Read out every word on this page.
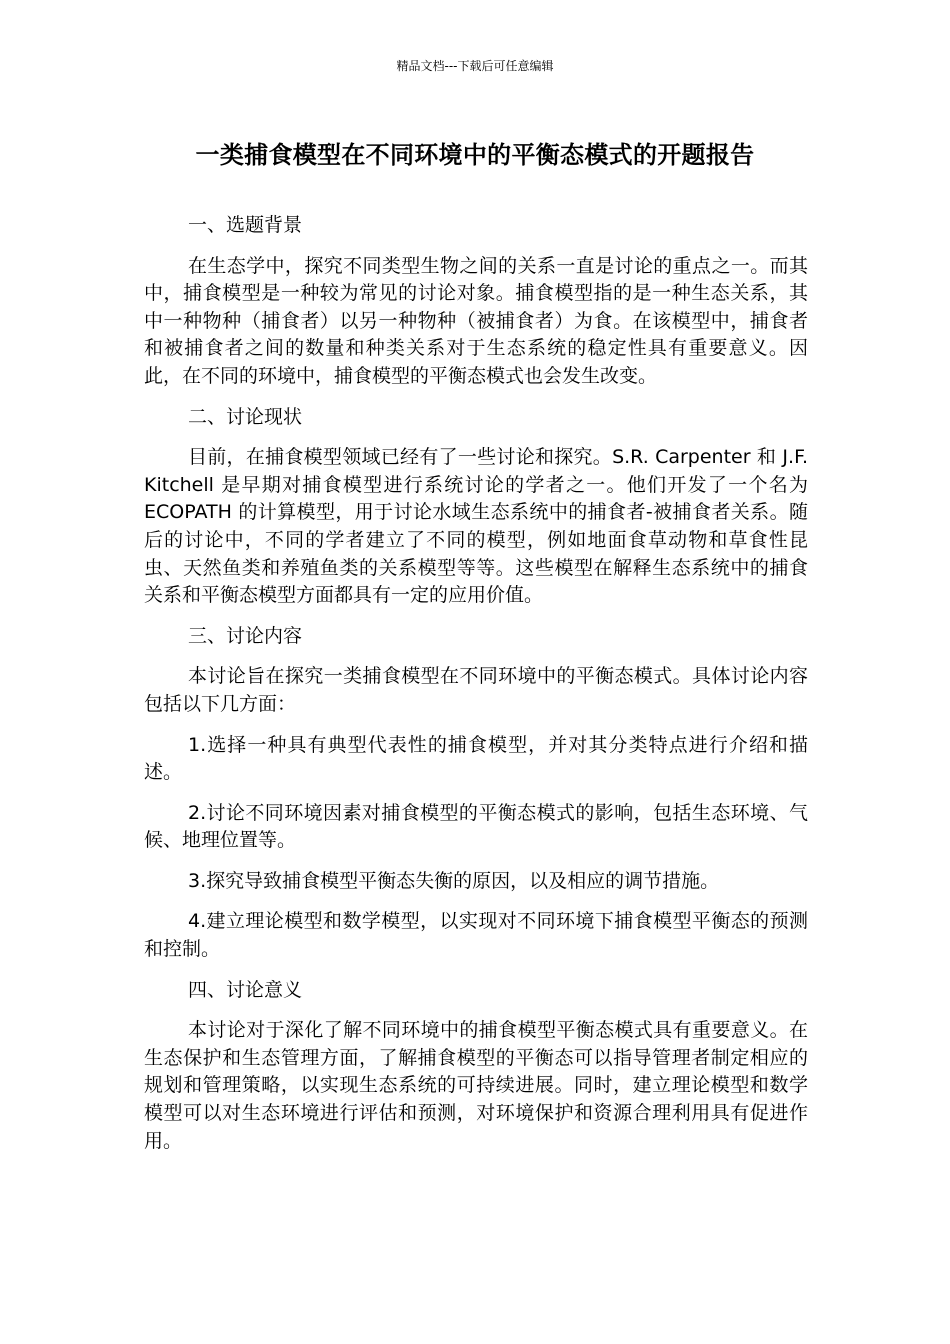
精品文档---下载后可任意编辑
一类捕食模型在不同环境中的平衡态模式的开题报告
一、选题背景

在生态学中，探究不同类型生物之间的关系一直是讨论的重点之一。而其中，捕食模型是一种较为常见的讨论对象。捕食模型指的是一种生态关系，其中一种物种（捕食者）以另一种物种（被捕食者）为食。在该模型中，捕食者和被捕食者之间的数量和种类关系对于生态系统的稳定性具有重要意义。因此，在不同的环境中，捕食模型的平衡态模式也会发生改变。

二、讨论现状

目前，在捕食模型领域已经有了一些讨论和探究。S.R. Carpenter 和 J.F. Kitchell 是早期对捕食模型进行系统讨论的学者之一。他们开发了一个名为 ECOPATH 的计算模型，用于讨论水域生态系统中的捕食者-被捕食者关系。随后的讨论中，不同的学者建立了不同的模型，例如地面食草动物和草食性昆虫、天然鱼类和养殖鱼类的关系模型等等。这些模型在解释生态系统中的捕食关系和平衡态模型方面都具有一定的应用价值。

三、讨论内容

本讨论旨在探究一类捕食模型在不同环境中的平衡态模式。具体讨论内容包括以下几方面：

1.选择一种具有典型代表性的捕食模型，并对其分类特点进行介绍和描述。

2.讨论不同环境因素对捕食模型的平衡态模式的影响，包括生态环境、气候、地理位置等。

3.探究导致捕食模型平衡态失衡的原因，以及相应的调节措施。

4.建立理论模型和数学模型，以实现对不同环境下捕食模型平衡态的预测和控制。

四、讨论意义

本讨论对于深化了解不同环境中的捕食模型平衡态模式具有重要意义。在生态保护和生态管理方面，了解捕食模型的平衡态可以指导管理者制定相应的规划和管理策略，以实现生态系统的可持续进展。同时，建立理论模型和数学模型可以对生态环境进行评估和预测，对环境保护和资源合理利用具有促进作用。
